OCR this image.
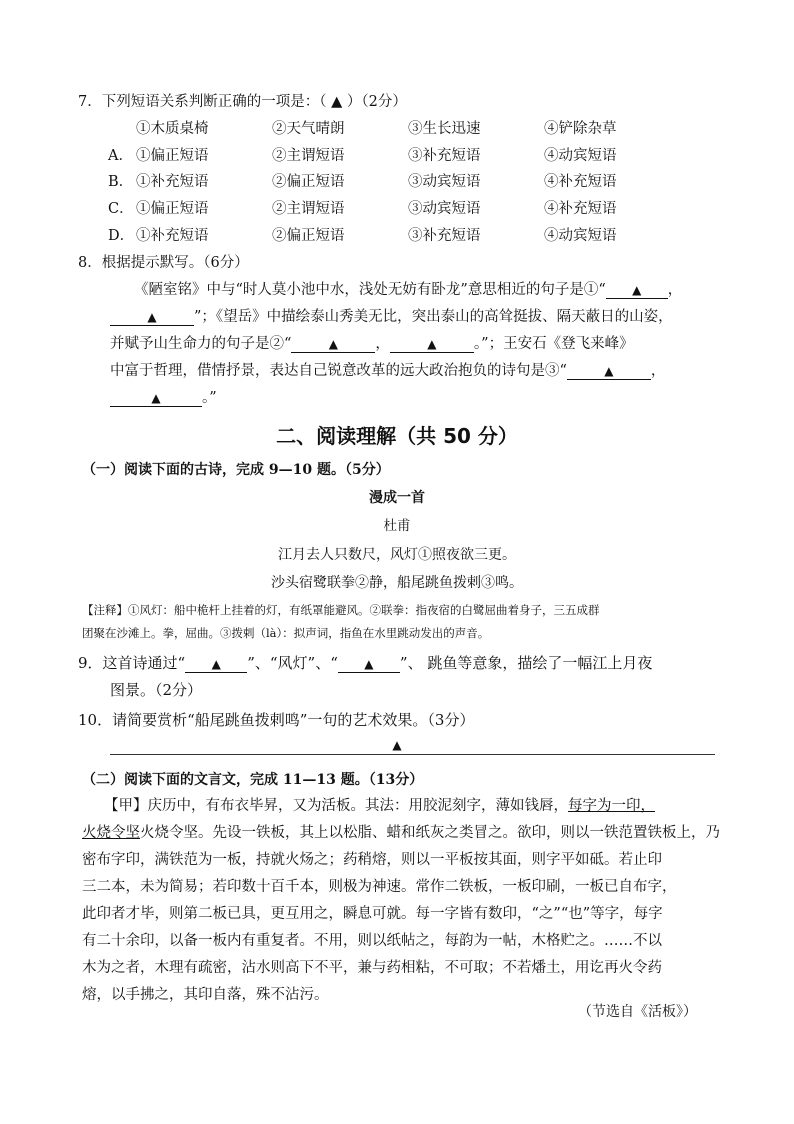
7．下列短语关系判断正确的一项是：（ ▲ ）（2分）
①木质桌椅	②天气晴朗	③生长迅速	④铲除杂草
A． ①偏正短语	②主谓短语	③补充短语	④动宾短语
B． ①补充短语	②偏正短语	③动宾短语	④补充短语
C． ①偏正短语	②主谓短语	③动宾短语	④补充短语
D． ①补充短语	②偏正短语	③补充短语	④动宾短语
8．根据提示默写。（6分）
《陋室铭》中与“时人莫小池中水，浅处无妨有卧龙”意思相近的句子是①“ ▲ ，
▲	”；《望岳》中描绘泰山秀美无比，突出泰山的高耸挺拔、隔天蔽日的山姿，
并赋予山生命力的句子是②“	▲	，	▲	。”；王安石《登飞来峰》
中富于哲理，借情抒景，表达自己锐意改革的远大政治抱负的诗句是③“	▲	，
▲	。”
二、阅读理解（共 50 分）
（一）阅读下面的古诗，完成 9—10 题。（5分）
漫成一首
杜甫
江月去人只数尺，风灯①照夜欲三更。
沙头宿鹭联拳②静，船尾跳鱼拨剌③鸣。
【注释】①风灯：船中桅杆上挂着的灯，有纸罩能避风。②联拳：指夜宿的白鹭屈曲着身子，三五成群
团聚在沙滩上。拳，屈曲。③拨剌（là）：拟声词，指鱼在水里跳动发出的声音。
9．这首诗通过“ ▲ ”、“风灯”、“ ▲ ”、 跳鱼等意象，描绘了一幅江上月夜
图景。（2分）
10．请简要赏析“船尾跳鱼拨剌鸣”一句的艺术效果。（3分）
▲
（二）阅读下面的文言文，完成 11—13 题。（13分）
【甲】庆历中，有布衣毕昇，又为活板。其法：用胶泥刻字，薄如钱唇，每字为一印，
火烧令坚火烧令坚。先设一铁板，其上以松脂、蜡和纸灰之类冒之。欲印，则以一铁范置铁板上，乃
密布字印，满铁范为一板，持就火炀之；药稍熔，则以一平板按其面，则字平如砥。若止印
三二本，未为简易；若印数十百千本，则极为神速。常作二铁板，一板印刷，一板已自布字，
此印者才毕，则第二板已具，更互用之，瞬息可就。每一字皆有数印，“之”“也”等字，每字
有二十余印，以备一板内有重复者。不用，则以纸帖之，每韵为一帖，木格贮之。……不以
木为之者，木理有疏密，沾水则高下不平，兼与药相粘，不可取；不若燔土，用讫再火令药
熔，以手拂之，其印自落，殊不沾污。
（节选自《活板》）
